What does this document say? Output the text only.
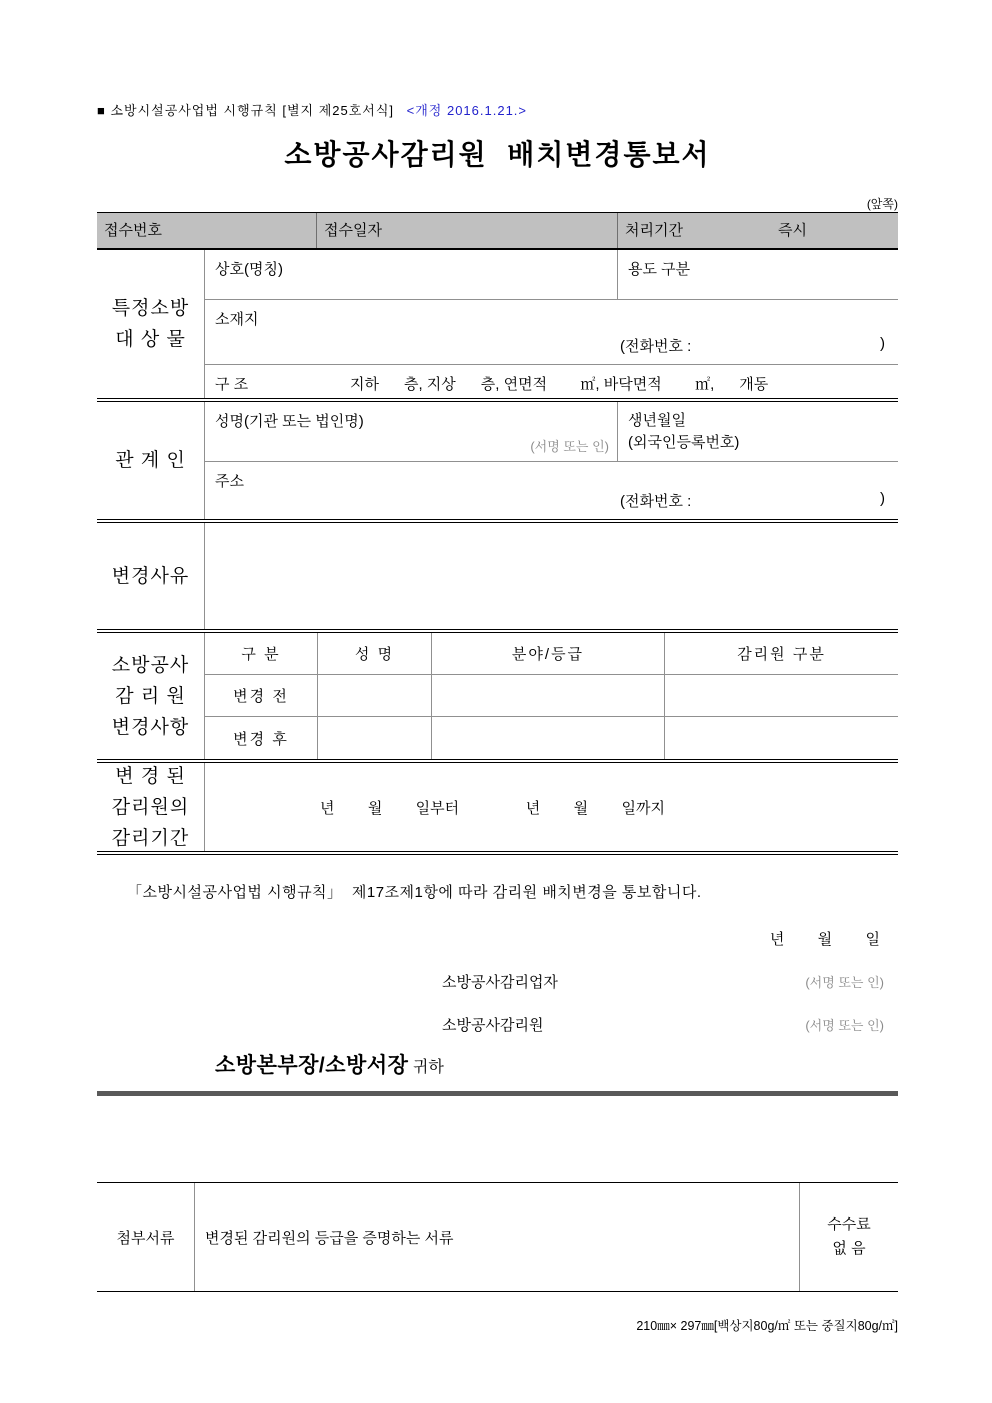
■ 소방시설공사업법 시행규칙 [별지 제25호서식] <개정 2016.1.21.>
소방공사감리원  배치변경통보서
(앞쪽)
접수번호	접수일자	처리기간	즉시
특정소방
대 상 물
상호(명칭)	용도 구분
소재지
(전화번호 :	)
구 조	지하      층, 지상      층, 연면적        ㎡, 바닥면적        ㎡,      개동
관 계 인
성명(기관 또는 법인명)
(서명 또는 인)
생년월일
(외국인등록번호)
주소
(전화번호 :	)
변경사유
소방공사
감 리 원
변경사항
구 분	성 명	분야/등급	감리원 구분
변경 전
변경 후
변 경 된
감리원의
감리기간
년        월        일부터                년        월        일까지
「소방시설공사업법 시행규칙」  제17조제1항에 따라 감리원 배치변경을 통보합니다.
년        월        일
소방공사감리업자	(서명 또는 인)
소방공사감리원	(서명 또는 인)
소방본부장/소방서장 귀하
첨부서류	변경된 감리원의 등급을 증명하는 서류
수수료
없 음
210㎜× 297㎜[백상지80g/㎡ 또는 중질지80g/㎡]
